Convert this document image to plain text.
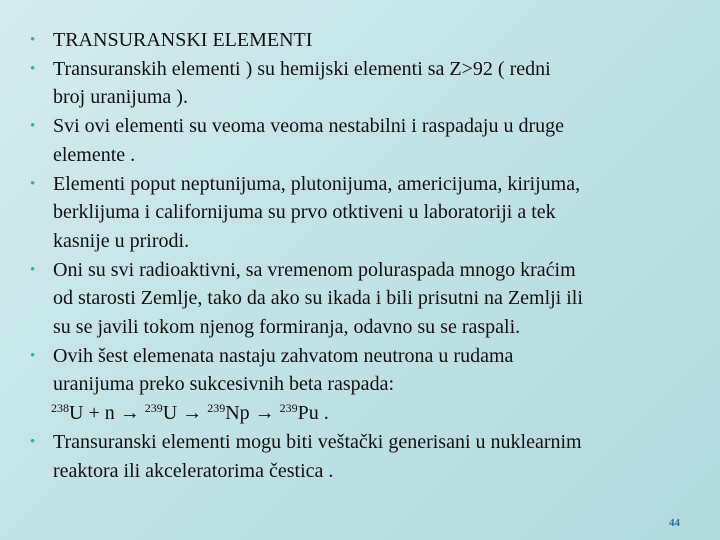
• TRANSURANSKI ELEMENTI
• Transuranskih elementi ) su hemijski elementi sa Z>92 ( redni
broj uranijuma ).
• Svi ovi elementi su veoma veoma nestabilni i raspadaju u druge
elemente .
• Elementi poput neptunijuma, plutonijuma, americijuma, kirijuma,
berklijuma i californijuma su prvo otktiveni u laboratoriji a tek
kasnije u prirodi.
• Oni su svi radioaktivni, sa vremenom poluraspada mnogo kraćim
od starosti Zemlje, tako da ako su ikada i bili prisutni na Zemlji ili
su se javili tokom njenog formiranja, odavno su se raspali.
• Ovih šest elemenata nastaju zahvatom neutrona u rudama
uranijuma preko sukcesivnih beta raspada:
$^{238}$U + n → $^{239}$U → $^{239}$Np → $^{239}$Pu .
• Transuranski elementi mogu biti veštački generisani u nuklearnim
reaktora ili akceleratorima čestica .
44
